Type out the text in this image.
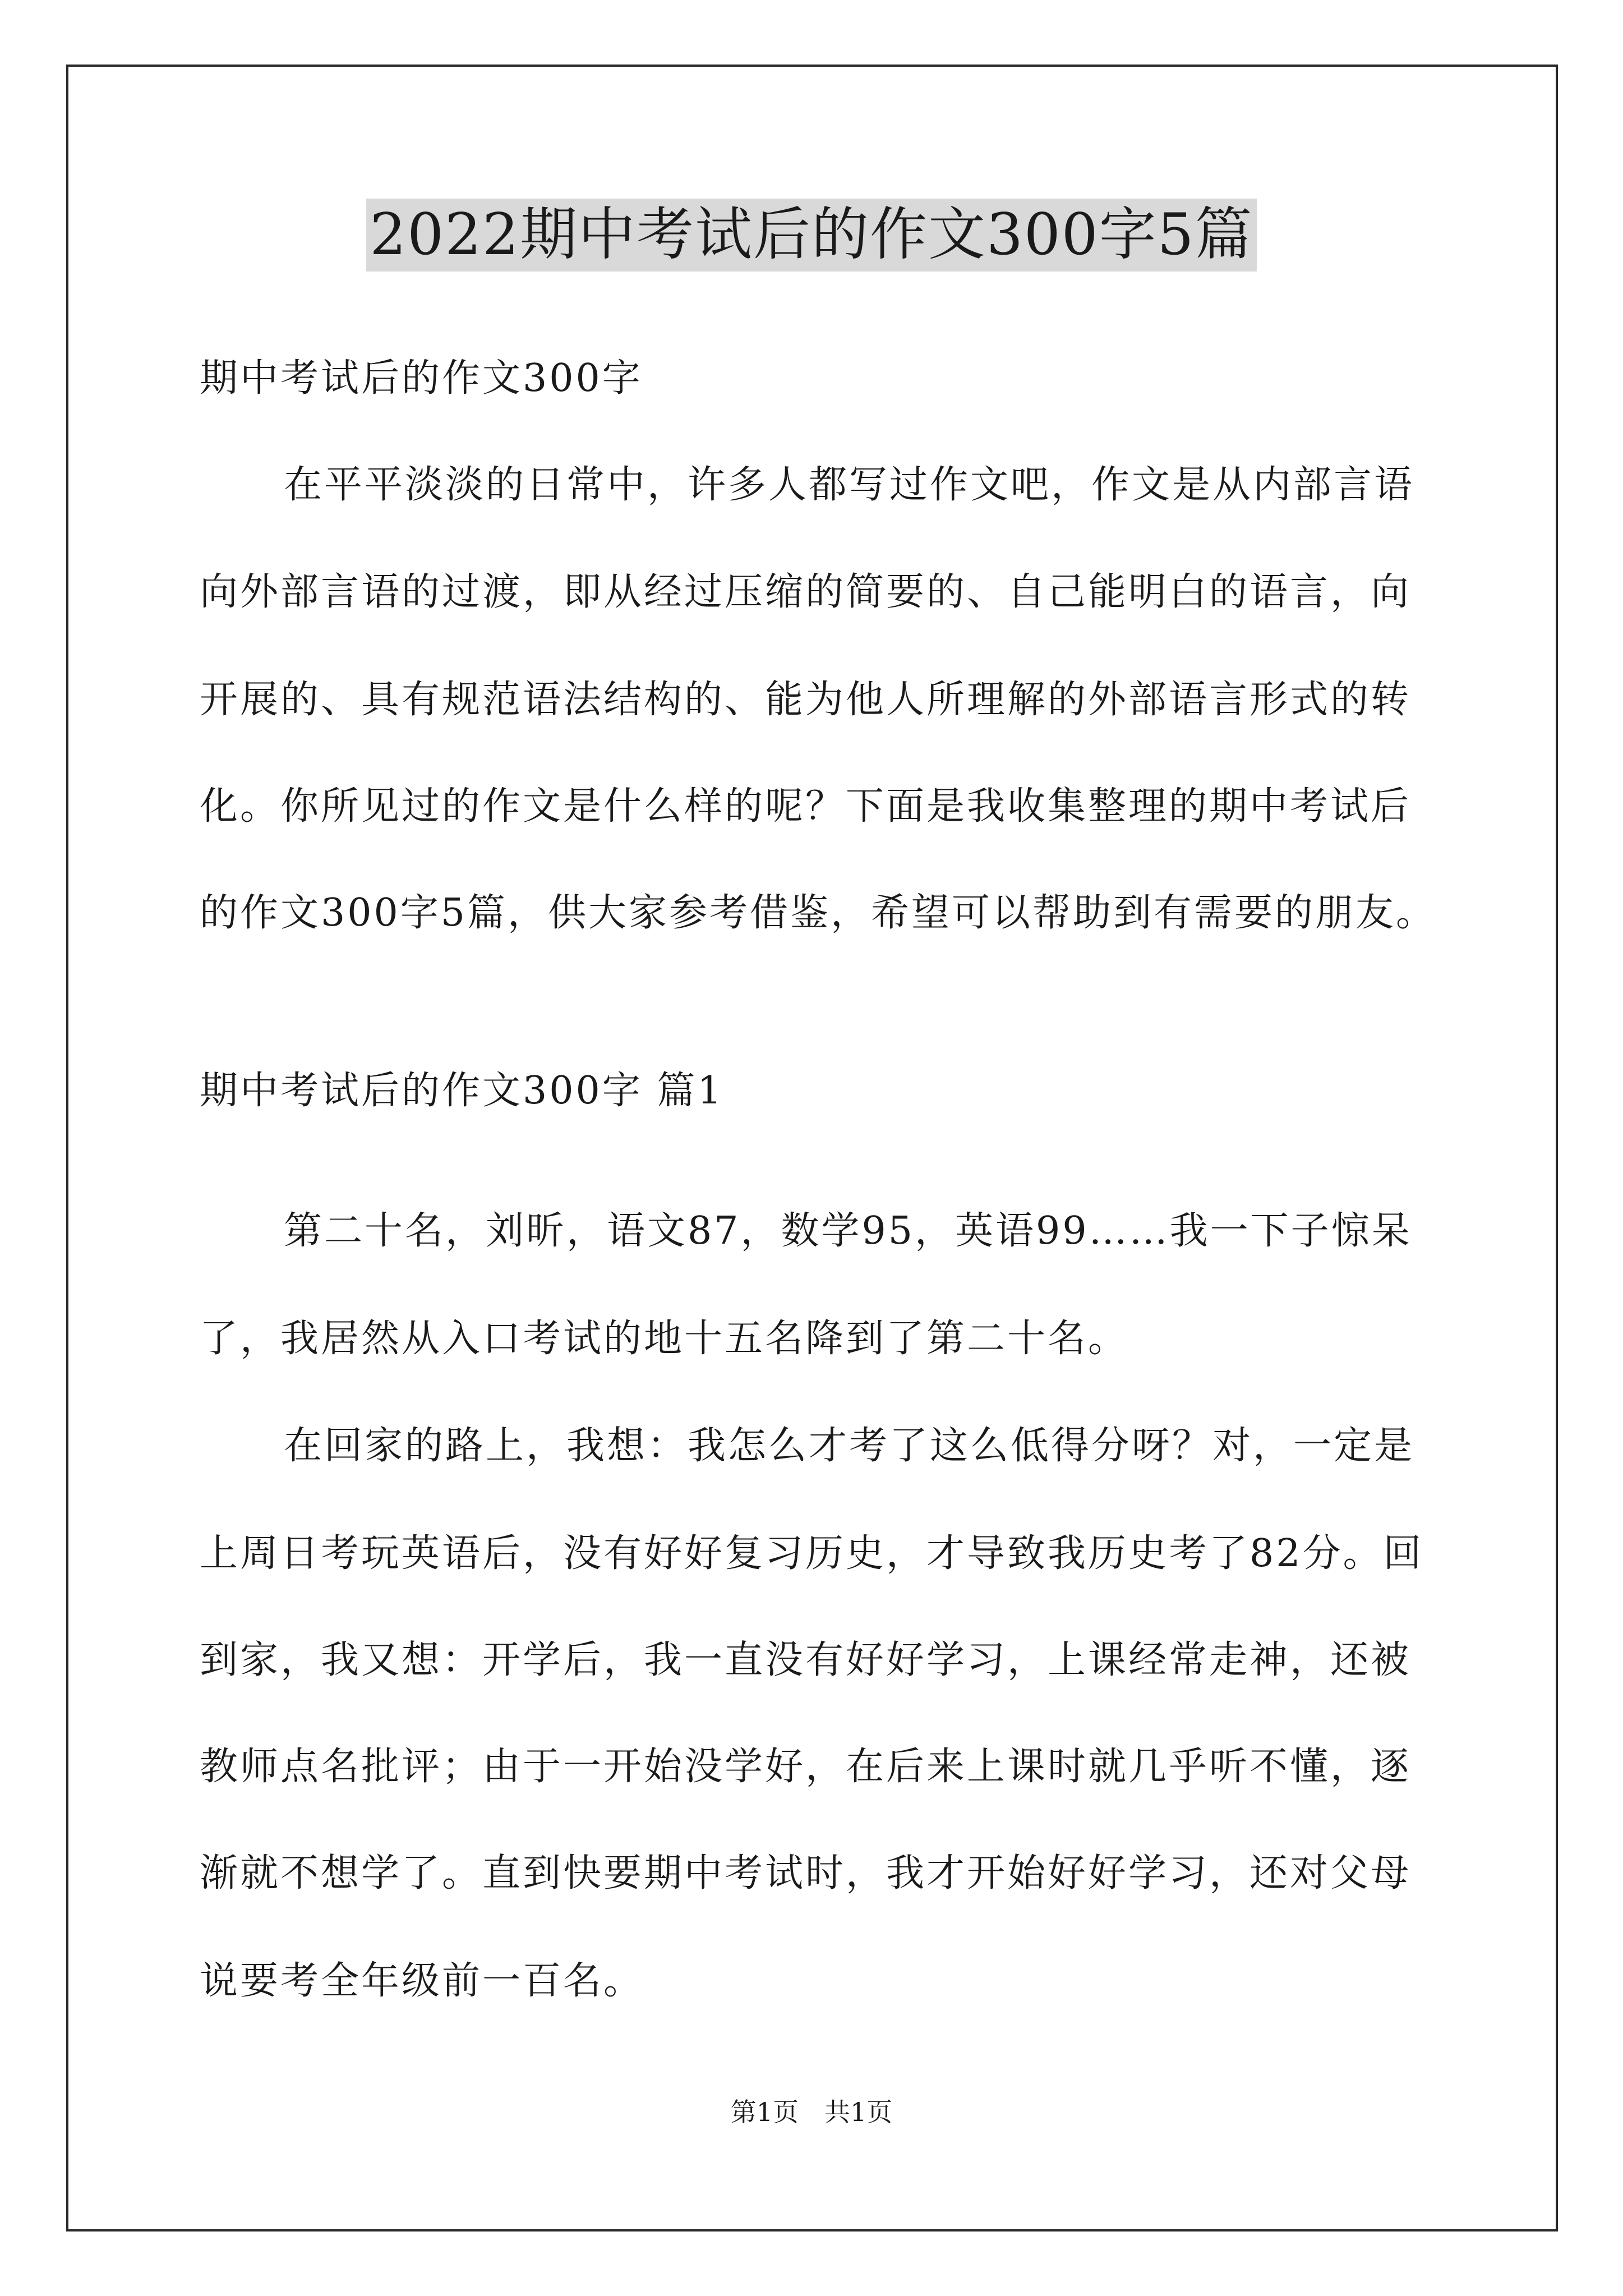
2022期中考试后的作文300字5篇
期中考试后的作文300字
在平平淡淡的日常中，许多人都写过作文吧，作文是从内部言语
向外部言语的过渡，即从经过压缩的简要的、自己能明白的语言，向
开展的、具有规范语法结构的、能为他人所理解的外部语言形式的转
化。你所见过的作文是什么样的呢？下面是我收集整理的期中考试后
的作文300字5篇，供大家参考借鉴，希望可以帮助到有需要的朋友。
期中考试后的作文300字 篇1
第二十名，刘昕，语文87，数学95，英语99……我一下子惊呆
了，我居然从入口考试的地十五名降到了第二十名。
在回家的路上，我想：我怎么才考了这么低得分呀？对，一定是
上周日考玩英语后，没有好好复习历史，才导致我历史考了82分。回
到家，我又想：开学后，我一直没有好好学习，上课经常走神，还被
教师点名批评；由于一开始没学好，在后来上课时就几乎听不懂，逐
渐就不想学了。直到快要期中考试时，我才开始好好学习，还对父母
说要考全年级前一百名。
第1页　共1页
